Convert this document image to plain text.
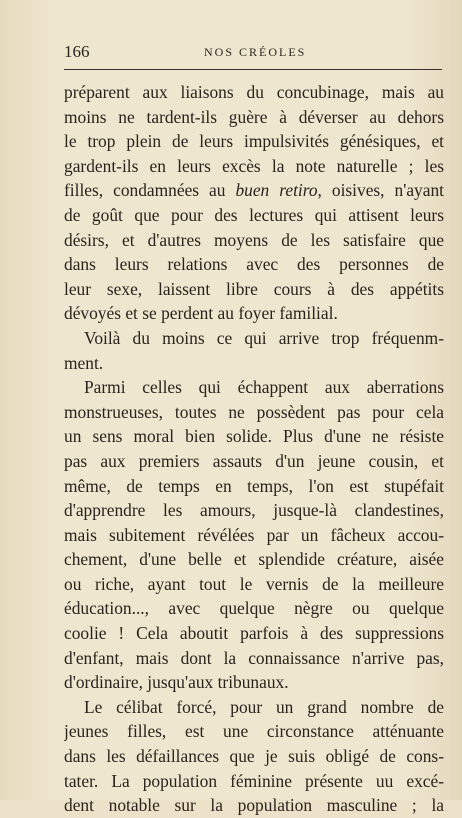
166	NOS CRÉOLES
préparent aux liaisons du concubinage, mais au
moins ne tardent-ils guère à déverser au dehors
le trop plein de leurs impulsivités génésiques, et
gardent-ils en leurs excès la note naturelle ; les
filles, condamnées au buen retiro, oisives, n'ayant
de goût que pour des lectures qui attisent leurs
désirs, et d'autres moyens de les satisfaire que
dans leurs relations avec des personnes de
leur sexe, laissent libre cours à des appétits
dévoyés et se perdent au foyer familial.
Voilà du moins ce qui arrive trop fréquenm-
ment.
Parmi celles qui échappent aux aberrations
monstrueuses, toutes ne possèdent pas pour cela
un sens moral bien solide. Plus d'une ne résiste
pas aux premiers assauts d'un jeune cousin, et
même, de temps en temps, l'on est stupéfait
d'apprendre les amours, jusque-là clandestines,
mais subitement révélées par un fâcheux accou-
chement, d'une belle et splendide créature, aisée
ou riche, ayant tout le vernis de la meilleure
éducation..., avec quelque nègre ou quelque
coolie ! Cela aboutit parfois à des suppressions
d'enfant, mais dont la connaissance n'arrive pas,
d'ordinaire, jusqu'aux tribunaux.
Le célibat forcé, pour un grand nombre de
jeunes filles, est une circonstance atténuante
dans les défaillances que je suis obligé de cons-
tater. La population féminine présente uu excé-
dent notable sur la population masculine ; la
